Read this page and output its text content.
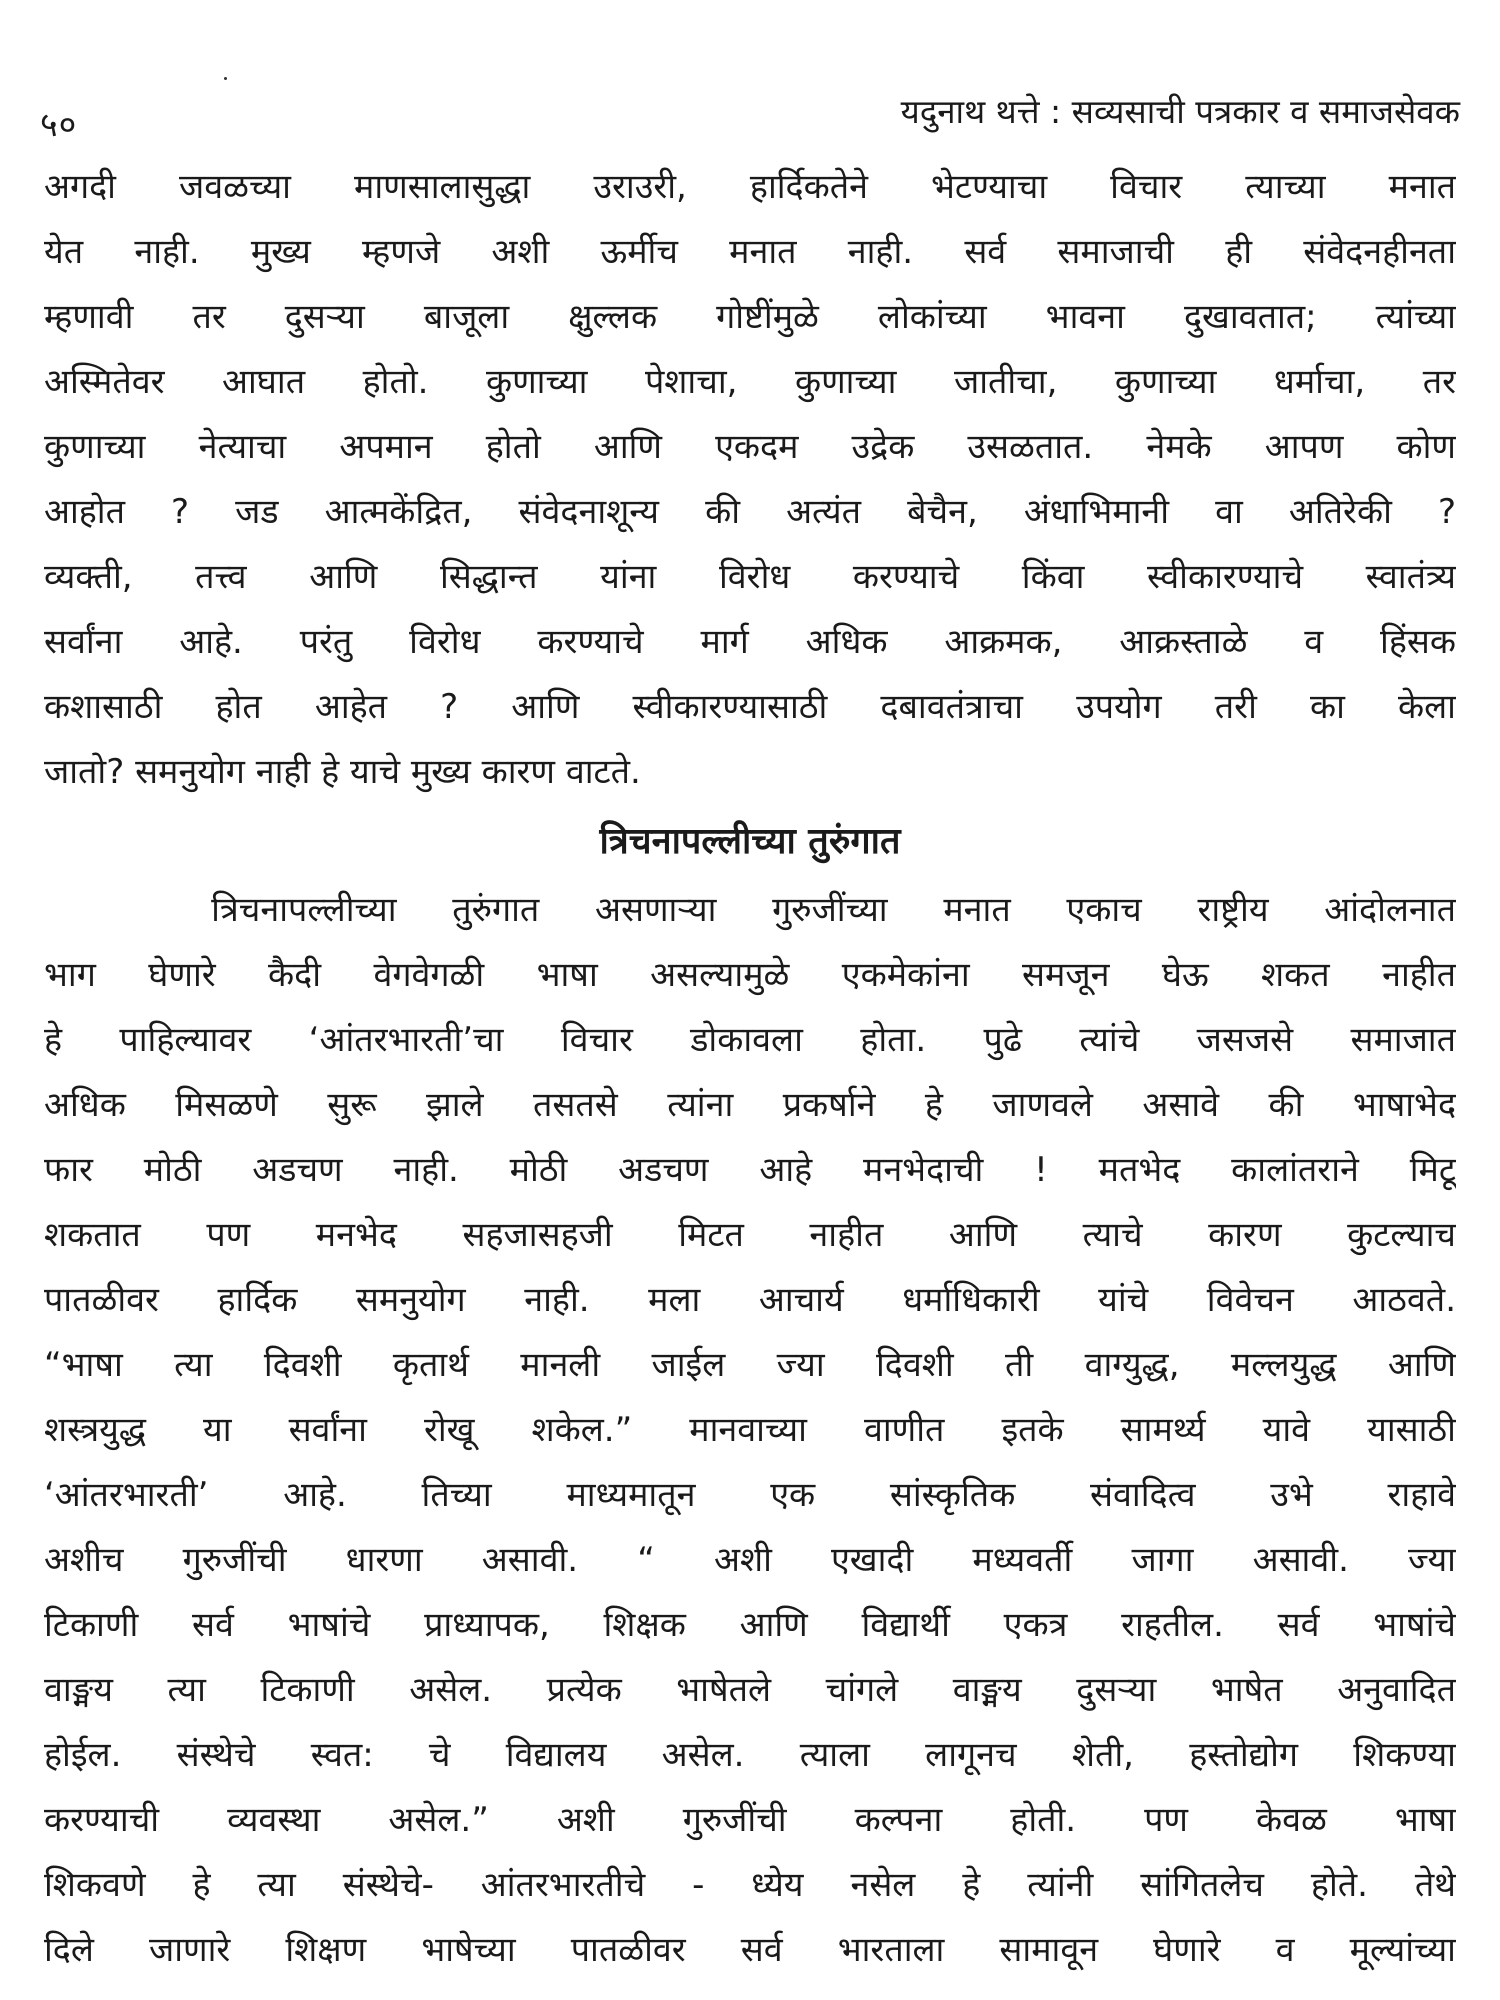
५०	यदुनाथ थत्ते : सव्यसाची पत्रकार व समाजसेवक
अगदी जवळच्या माणसालासुद्धा उराउरी, हार्दिकतेने भेटण्याचा विचार त्याच्या मनात
येत नाही. मुख्य म्हणजे अशी ऊर्मीच मनात नाही. सर्व समाजाची ही संवेदनहीनता
म्हणावी तर दुसऱ्या बाजूला क्षुल्लक गोष्टींमुळे लोकांच्या भावना दुखावतात; त्यांच्या
अस्मितेवर आघात होतो. कुणाच्या पेशाचा, कुणाच्या जातीचा, कुणाच्या धर्माचा, तर
कुणाच्या नेत्याचा अपमान होतो आणि एकदम उद्रेक उसळतात. नेमके आपण कोण
आहोत ? जड आत्मकेंद्रित, संवेदनाशून्य की अत्यंत बेचैन, अंधाभिमानी वा अतिरेकी ?
व्यक्ती, तत्त्व आणि सिद्धान्त यांना विरोध करण्याचे किंवा स्वीकारण्याचे स्वातंत्र्य
सर्वांना आहे. परंतु विरोध करण्याचे मार्ग अधिक आक्रमक, आक्रस्ताळे व हिंसक
कशासाठी होत आहेत ? आणि स्वीकारण्यासाठी दबावतंत्राचा उपयोग तरी का केला
जातो? समनुयोग नाही हे याचे मुख्य कारण वाटते.
त्रिचनापल्लीच्या तुरुंगात
त्रिचनापल्लीच्या तुरुंगात असणाऱ्या गुरुजींच्या मनात एकाच राष्ट्रीय आंदोलनात
भाग घेणारे कैदी वेगवेगळी भाषा असल्यामुळे एकमेकांना समजून घेऊ शकत नाहीत
हे पाहिल्यावर ‘आंतरभारती’चा विचार डोकावला होता. पुढे त्यांचे जसजसे समाजात
अधिक मिसळणे सुरू झाले तसतसे त्यांना प्रकर्षाने हे जाणवले असावे की भाषाभेद
फार मोठी अडचण नाही. मोठी अडचण आहे मनभेदाची ! मतभेद कालांतराने मिटू
शकतात पण मनभेद सहजासहजी मिटत नाहीत आणि त्याचे कारण कुटल्याच
पातळीवर हार्दिक समनुयोग नाही. मला आचार्य धर्माधिकारी यांचे विवेचन आठवते.
“भाषा त्या दिवशी कृतार्थ मानली जाईल ज्या दिवशी ती वाग्युद्ध, मल्लयुद्ध आणि
शस्त्रयुद्ध या सर्वांना रोखू शकेल.” मानवाच्या वाणीत इतके सामर्थ्य यावे यासाठी
‘आंतरभारती’ आहे. तिच्या माध्यमातून एक सांस्कृतिक संवादित्व उभे राहावे
अशीच गुरुजींची धारणा असावी. “ अशी एखादी मध्यवर्ती जागा असावी. ज्या
टिकाणी सर्व भाषांचे प्राध्यापक, शिक्षक आणि विद्यार्थी एकत्र राहतील. सर्व भाषांचे
वाङ्मय त्या टिकाणी असेल. प्रत्येक भाषेतले चांगले वाङ्मय दुसऱ्या भाषेत अनुवादित
होईल. संस्थेचे स्वत: चे विद्यालय असेल. त्याला लागूनच शेती, हस्तोद्योग शिकण्या
करण्याची व्यवस्था असेल.” अशी गुरुजींची कल्पना होती. पण केवळ भाषा
शिकवणे हे त्या संस्थेचे- आंतरभारतीचे - ध्येय नसेल हे त्यांनी सांगितलेच होते. तेथे
दिले जाणारे शिक्षण भाषेच्या पातळीवर सर्व भारताला सामावून घेणारे व मूल्यांच्या
